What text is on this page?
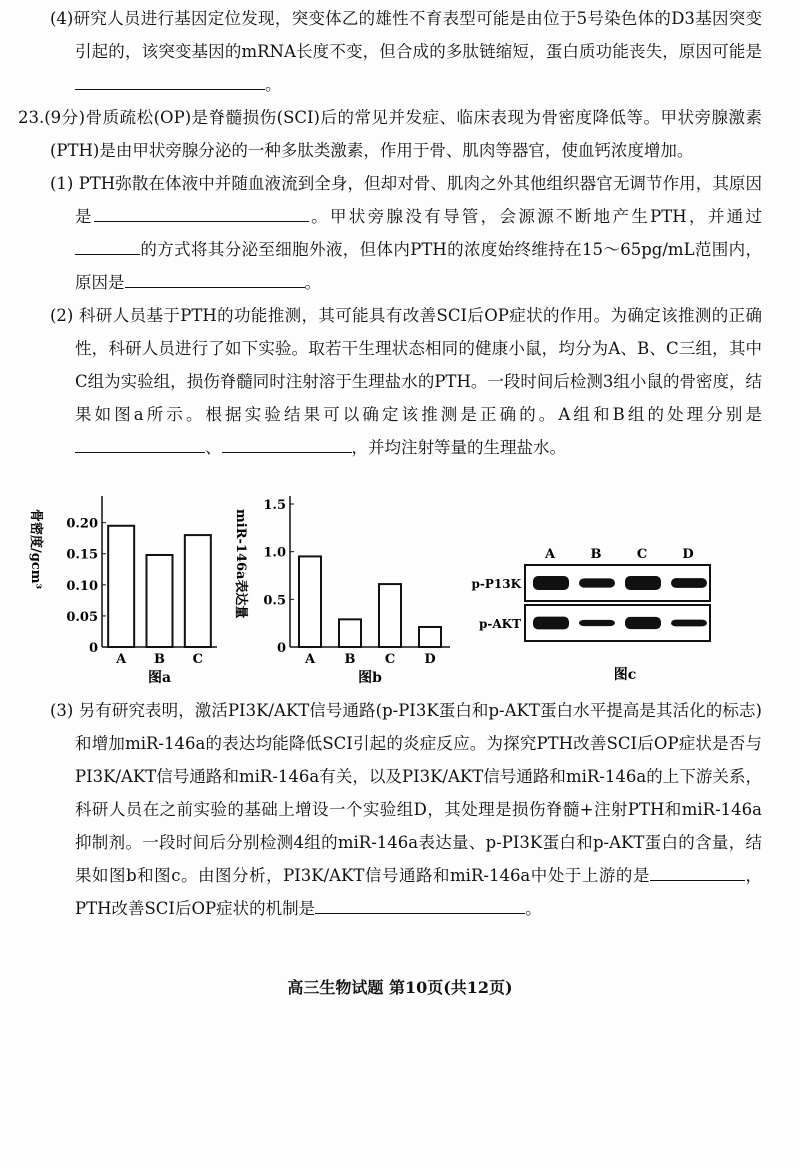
(4)研究人员进行基因定位发现，突变体乙的雄性不育表型可能是由位于5号染色体的D3基因突变引起的，该突变基因的mRNA长度不变，但合成的多肽链缩短，蛋白质功能丧失，原因可能是。
23.(9分)骨质疏松(OP)是脊髓损伤(SCI)后的常见并发症、临床表现为骨密度降低等。甲状旁腺激素(PTH)是由甲状旁腺分泌的一种多肽类激素，作用于骨、肌肉等器官，使血钙浓度增加。
(1) PTH弥散在体液中并随血液流到全身，但却对骨、肌肉之外其他组织器官无调节作用，其原因是	。甲状旁腺没有导管，会源源不断地产生PTH，并通过的方式将其分泌至细胞外液，但体内PTH的浓度始终维持在15～65pg/mL范围内，原因是	。
(2) 科研人员基于PTH的功能推测，其可能具有改善SCI后OP症状的作用。为确定该推测的正确性，科研人员进行了如下实验。取若干生理状态相同的健康小鼠，均分为A、B、C三组，其中C组为实验组，损伤脊髓同时注射溶于生理盐水的PTH。一段时间后检测3组小鼠的骨密度，结果如图a所示。根据实验结果可以确定该推测是正确的。A组和B组的处理分别是、	，并均注射等量的生理盐水。
0
0.05
0.10
0.15
0.20
A B C
图a
骨密度/gcm³
0
0.5
1.0
1.5
A B C D
图b
miR-146a表达量	A	B	C	D
p-P13K
p-AKT
图c
(3) 另有研究表明，激活PI3K/AKT信号通路(p-PI3K蛋白和p-AKT蛋白水平提高是其活化的标志)和增加miR-146a的表达均能降低SCI引起的炎症反应。为探究PTH改善SCI后OP症状是否与PI3K/AKT信号通路和miR-146a有关，以及PI3K/AKT信号通路和miR-146a的上下游关系，科研人员在之前实验的基础上增设一个实验组D，其处理是损伤脊髓+注射PTH和miR-146a抑制剂。一段时间后分别检测4组的miR-146a表达量、p-PI3K蛋白和p-AKT蛋白的含量，结果如图b和图c。由图分析，PI3K/AKT信号通路和miR-146a中处于上游的是	，PTH改善SCI后OP症状的机制是	。
高三生物试题 第10页(共12页)
